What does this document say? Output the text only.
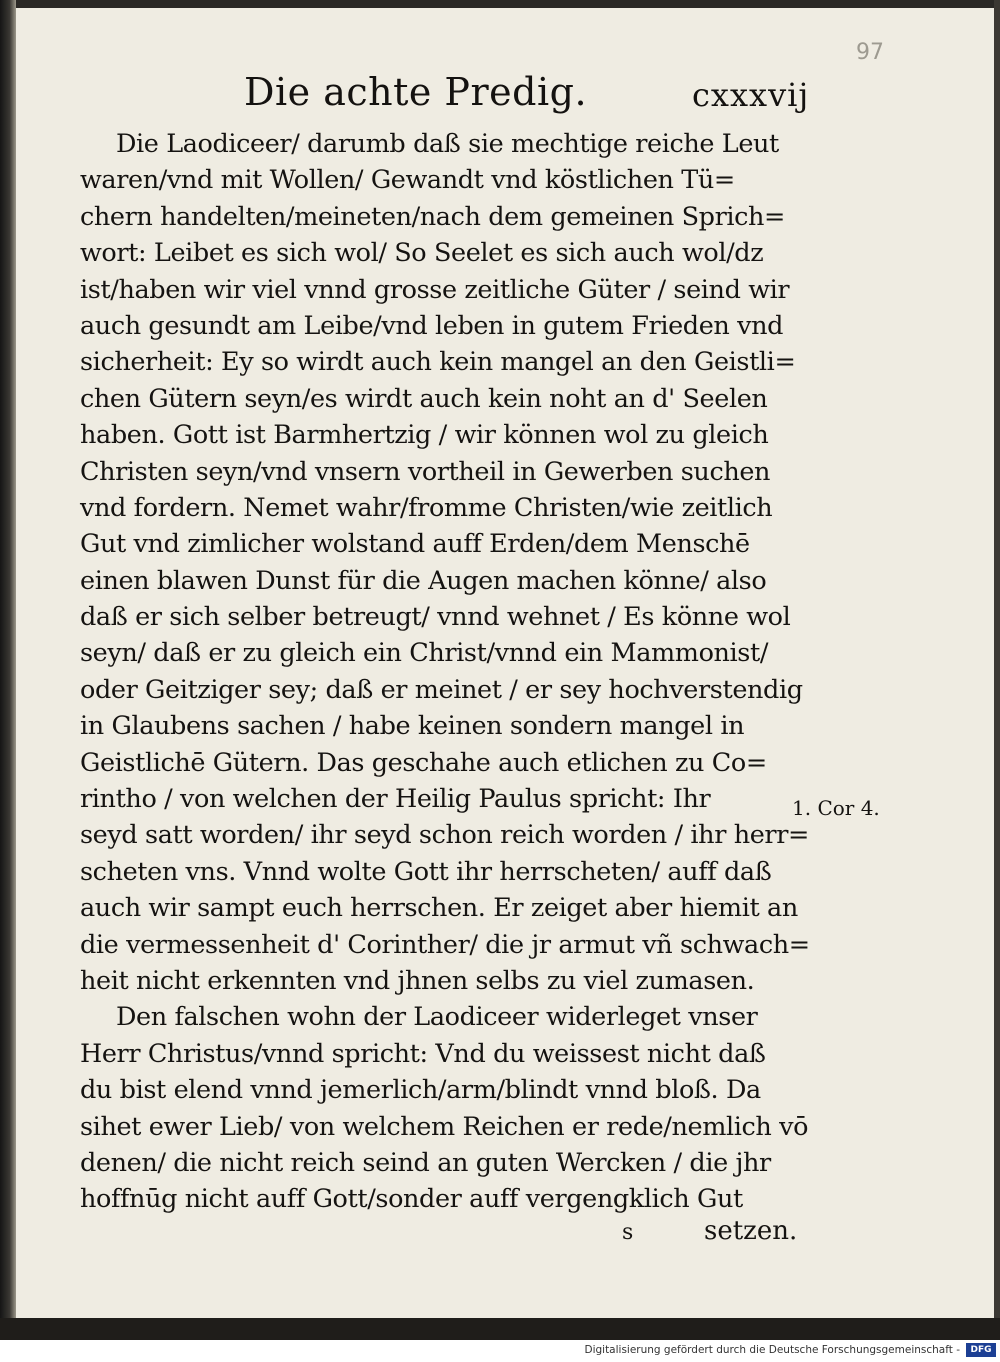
97
Die achte Predig.	cxxxvij
Die Laodiceer/ darumb daß sie mechtige reiche Leut
waren/vnd mit Wollen/ Gewandt vnd köstlichen Tü=
chern handelten/meineten/nach dem gemeinen Sprich=
wort: Leibet es sich wol/ So Seelet es sich auch wol/dz
ist/haben wir viel vnnd grosse zeitliche Güter / seind wir
auch gesundt am Leibe/vnd leben in gutem Frieden vnd
sicherheit: Ey so wirdt auch kein mangel an den Geistli=
chen Gütern seyn/es wirdt auch kein noht an d' Seelen
haben. Gott ist Barmhertzig / wir können wol zu gleich
Christen seyn/vnd vnsern vortheil in Gewerben suchen
vnd fordern. Nemet wahr/fromme Christen/wie zeitlich
Gut vnd zimlicher wolstand auff Erden/dem Menschē
einen blawen Dunst für die Augen machen könne/ also
daß er sich selber betreugt/ vnnd wehnet / Es könne wol
seyn/ daß er zu gleich ein Christ/vnnd ein Mammonist/
oder Geitziger sey; daß er meinet / er sey hochverstendig
in Glaubens sachen / habe keinen sondern mangel in
Geistlichē Gütern. Das geschahe auch etlichen zu Co=
rintho / von welchen der Heilig Paulus spricht: Ihr
seyd satt worden/ ihr seyd schon reich worden / ihr herr=
scheten vns. Vnnd wolte Gott ihr herrscheten/ auff daß
auch wir sampt euch herrschen. Er zeiget aber hiemit an
die vermessenheit d' Corinther/ die jr armut vñ schwach=
heit nicht erkennten vnd jhnen selbs zu viel zumasen.
Den falschen wohn der Laodiceer widerleget vnser
Herr Christus/vnnd spricht: Vnd du weissest nicht daß
du bist elend vnnd jemerlich/arm/blindt vnnd bloß. Da
sihet ewer Lieb/ von welchem Reichen er rede/nemlich vō
denen/ die nicht reich seind an guten Wercken / die jhr
hoffnūg nicht auff Gott/sonder auff vergengklich Gut
1. Cor 4.
s	setzen.
Digitalisierung gefördert durch die Deutsche Forschungsgemeinschaft -	DFG
